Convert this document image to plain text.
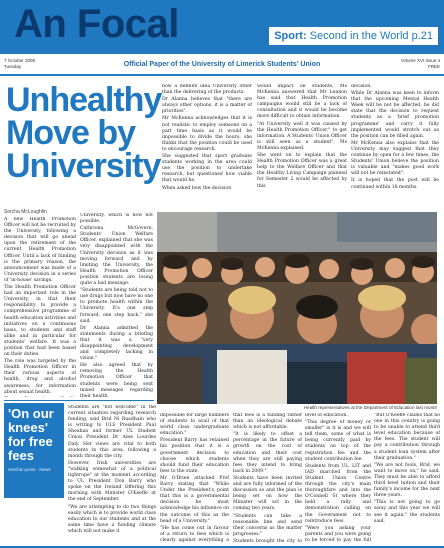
An Focal	Sport: Second in the World p.21
7 October 2008
Tuesday	Official Paper of the University of Limerick Students' Union
Volume XVI Issue 4
FREE
Unhealthy Move by University

now a definite idea University other than the delivering of the products.

Dr Alanna believes that "there are always other options, it is a matter of priorities".

Mr McKenna acknowledges that it is not realistic to employ someone on a part time basis as it would be impossible to divide the hours; she thinks that the position could be used to encourage research.

She suggested that sport graduate students working in the area could use the position to undertake research, but questioned how viable that would be.

When asked how the decision

would impact on students, Ms McKenna answered that Mr Lennon has said that Health Promotion campaigns would still be a lack of consultation and it would be become more difficult to obtain information.

"At University well it was caused by the Health Promotion Officer," to get information. A Students' Union Officer is still seen as a student", Ms McKenna explained.

She went on to explain that the Health Promotion Officer was a great help to the Welfare Officer and that the Healthy Living Campaign planned for Semester 2 would be affected by this

decision.

While Dr Alanna was keen to inform that the upcoming Mental Health Week will be not be affected, he did state that the decision to request students as a 'brief promotion programme' and carry it fully implemented would stretch out as the position can be filled again.

Mr McKenna also explains that the University may suggest that they continue by open for a few times, the Students' Union believe the position is valuable and "makes good work will not be reinstated".

It is hoped that the post will be continued within 18 months.

Sorcha McLoughlin

A new Health Promotion Officer will not be recruited by the University, following a decision that will go ahead upon the retirement of the current Health Promotion Officer. Until a lack of funding is the primary reason, the announcement was made of a University decision in a series of 'in-house' savings.

The Health Promotion Officer had an important role in the University, in that their responsibility to provide a comprehensive programme of health education activities and initiatives on a continuous basis, to students and staff alike and in particular for students' welfare. It was a position that had been based on their duties.

The role was targeted by the Health Promotion Officer in their various aspects of health, drug and alcohol awareness; for information about sexual health.

University, which is now not possible.

Cathriona McGovern, Students' Union Welfare Officer, explained that she was very disappointed with the University decision as it was moving forward and by limiting the University, the Health Promotion Officer position students are losing quite a bad message.

"Students are being told not to use drugs but now have no one to promote health within the University. It's one step forward, one step back," she said.

Dr Alanna admitted the statements during a briefing that it was a "very disappointing development and completely lacking in vision."

He also agreed that by removing the Health Promotion Officer that students were being sent mixed messages regarding their health.

Health representatives at the Department of Education last month
'On our knees' for free fees
Sorcha Lyons · News

Students are "not welcome" in the current situation regarding research funding, said Brid Ni Ruadhain who is writing to ULS President Paul Sheahan and former UL Student Union President Dr Aine Lourdes Daly. Her views are vital to both students in this area, following a month through the city.

However, Irish universities are "walking somewhat of a political tightrope" at the moment according to UL President Don Barry who spoke on the Ireland Offering this morning with Minister O'Keeffe at the end of September.

"We are attempting to do two things easily which is to provide world class education to our students and at the same time have a funding climate which will not make it

impossible for large numbers of students to avail of that world class undergraduate education."

President Barry has retained his position that it is a government decision to choose which students should fund their education fees to the state.

Mr O'Brien attacked Prof Barry stating that "While Under the President's point that this is a governmental decision he must acknowledge his influence on the outcome of this as the head of a University."

"He has come out in favour of a return to fees which is clearly against everything a

that fees is a funding rather than an ideological debate which is not affordable.

"It is likely to offset a percentage in the future of growth on the cost of education and their cost when they are still paying fees they intend to bring back in 2009."

Students have been invited and are fully informed of the discussion so and the plan is being set on how the Minister will act in the coming two years.

"Students can take a reasonable line and send their concerns as the matter progresses."

Students brought the city to

level of education.

"This degree of money or smaller" is it is and we will tell them, some of what is being currently paid by students on top of the registration fee and the student contribution fee.

Students from UL, LIT and IAD marched from the Student Union Centre through the city's main thoroughfare and into the O'Connell St where they held a rally and demonstration calling on the Government not to reintroduce fees.

"Were you asking your parents and you were going to be forced to pay the full

"But O'Keeffe claims that no one in this country is going to be unable to attend third level education because of the fees. The student will pay a contribution through a student loan system after their graduation."

"We are not fools, Brid, we want to move on," he said. They must be able to afford third level tuition and their family's income for the next three years.

"This is not going to go away and this year we will see it again," the students said.
